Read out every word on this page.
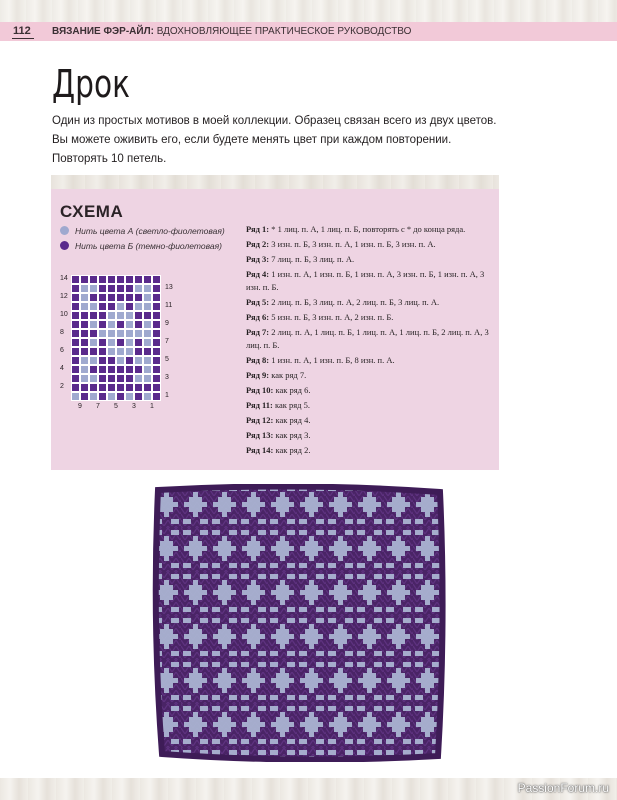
112 ВЯЗАНИЕ ФЭР-АЙЛ: ВДОХНОВЛЯЮЩЕЕ ПРАКТИЧЕСКОЕ РУКОВОДСТВО
Дрок
Один из простых мотивов в моей коллекции. Образец связан всего из двух цветов. Вы можете оживить его, если будете менять цвет при каждом повторении. Повторять 10 петель.
СХЕМА
Нить цвета А (светло-фиолетовая)
Нить цвета Б (темно-фиолетовая)
14
12
10
8
6
4
2
13
11
9
7
5
3
1
9 7 5 3 1
Ряд 1: * 1 лиц. п. А, 1 лиц. п. Б, повторять с * до конца ряда.
Ряд 2: 3 изн. п. Б, 3 изн. п. А, 1 изн. п. Б, 3 изн. п. А.
Ряд 3: 7 лиц. п. Б, 3 лиц. п. А.
Ряд 4: 1 изн. п. А, 1 изн. п. Б, 1 изн. п. А, 3 изн. п. Б, 1 изн. п. А, 3 изн. п. Б.
Ряд 5: 2 лиц. п. Б, 3 лиц. п. А, 2 лиц. п. Б, 3 лиц. п. А.
Ряд 6: 5 изн. п. Б, 3 изн. п. А, 2 изн. п. Б.
Ряд 7: 2 лиц. п. А, 1 лиц. п. Б, 1 лиц. п. А, 1 лиц. п. Б, 2 лиц. п. А, 3 лиц. п. Б.
Ряд 8: 1 изн. п. А, 1 изн. п. Б, 8 изн. п. А.
Ряд 9: как ряд 7.
Ряд 10: как ряд 6.
Ряд 11: как ряд 5.
Ряд 12: как ряд 4.
Ряд 13: как ряд 3.
Ряд 14: как ряд 2.
PassionForum.ru
